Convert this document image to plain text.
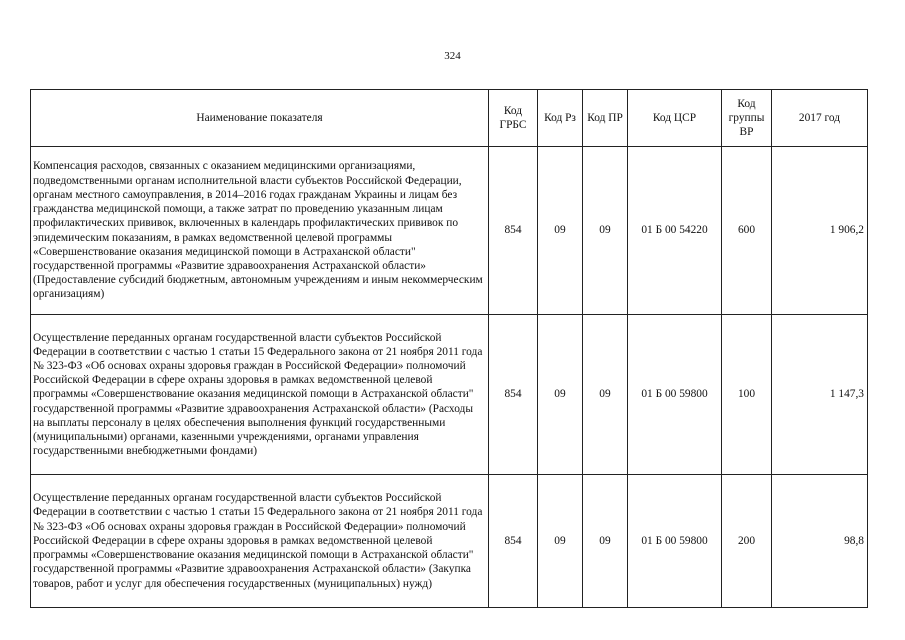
324
Наименование показателя	Код ГРБС	Код Рз	Код ПР	Код ЦСР	Код группы ВР	2017 год
Компенсация расходов, связанных с оказанием медицинскими организациями, подведомственными органам исполнительной власти субъектов Российской Федерации, органам местного самоуправления, в 2014–2016 годах гражданам Украины и лицам без гражданства медицинской помощи, а также затрат по проведению указанным лицам профилактических прививок, включенных в календарь профилактических прививок по эпидемическим показаниям, в рамках ведомственной целевой программы «Совершенствование оказания медицинской помощи в Астраханской области" государственной программы «Развитие здравоохранения Астраханской области» (Предоставление субсидий бюджетным, автономным учреждениям и иным некоммерческим организациям)	854	09	09	01 Б 00 54220	600	1 906,2
Осуществление переданных органам государственной власти субъектов Российской Федерации в соответствии с частью 1 статьи 15 Федерального закона от 21 ноября 2011 года № 323-ФЗ «Об основах охраны здоровья граждан в Российской Федерации» полномочий Российской Федерации в сфере охраны здоровья в рамках ведомственной целевой программы «Совершенствование оказания медицинской помощи в Астраханской области" государственной программы «Развитие здравоохранения Астраханской области» (Расходы на выплаты персоналу в целях обеспечения выполнения функций государственными (муниципальными) органами, казенными учреждениями, органами управления государственными внебюджетными фондами)	854	09	09	01 Б 00 59800	100	1 147,3
Осуществление переданных органам государственной власти субъектов Российской Федерации в соответствии с частью 1 статьи 15 Федерального закона от 21 ноября 2011 года № 323-ФЗ «Об основах охраны здоровья граждан в Российской Федерации» полномочий Российской Федерации в сфере охраны здоровья в рамках ведомственной целевой программы «Совершенствование оказания медицинской помощи в Астраханской области" государственной программы «Развитие здравоохранения Астраханской области» (Закупка товаров, работ и услуг для обеспечения государственных (муниципальных) нужд)	854	09	09	01 Б 00 59800	200	98,8
